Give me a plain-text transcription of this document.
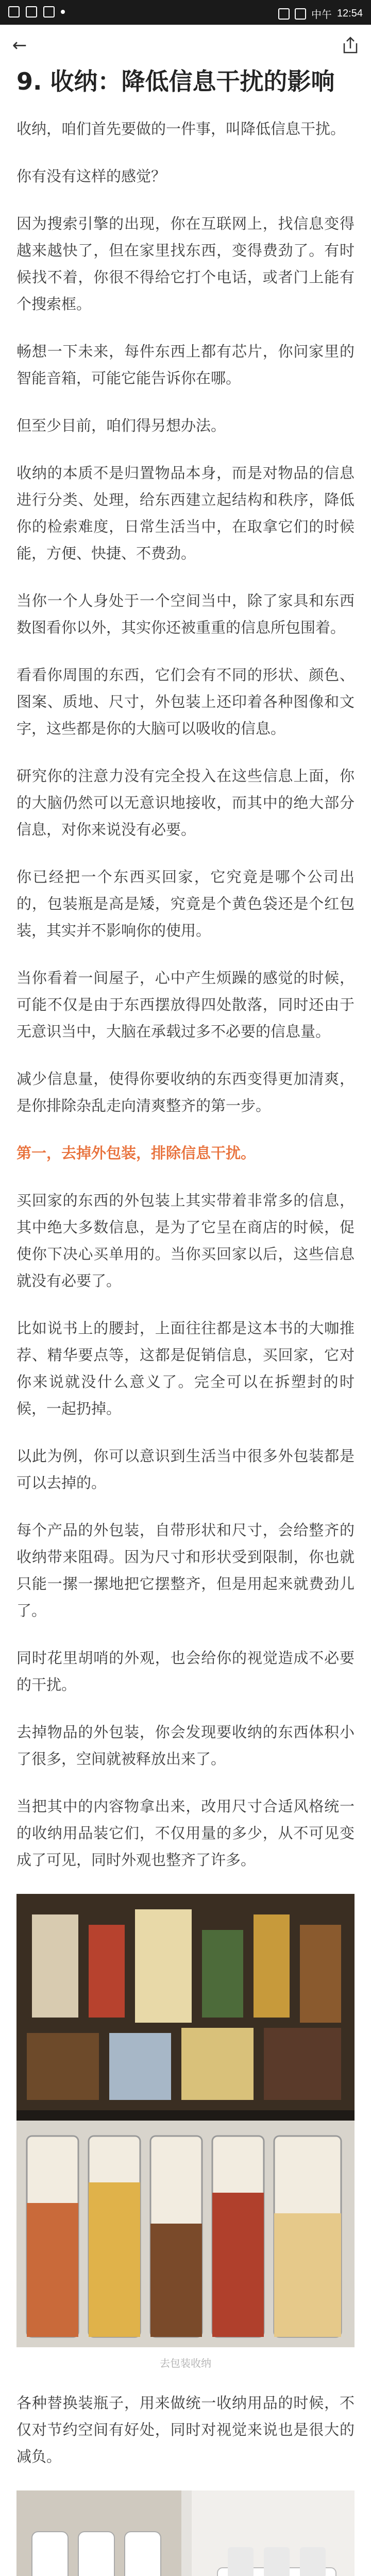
中午 12:54
←
9. 收纳：降低信息干扰的影响

收纳，咱们首先要做的一件事，叫降低信息干扰。

你有没有这样的感觉？

因为搜索引擎的出现，你在互联网上，找信息变得越来越快了，但在家里找东西，变得费劲了。有时候找不着，你很不得给它打个电话，或者门上能有个搜索框。

畅想一下未来，每件东西上都有芯片，你问家里的智能音箱，可能它能告诉你在哪。

但至少目前，咱们得另想办法。

收纳的本质不是归置物品本身，而是对物品的信息进行分类、处理，给东西建立起结构和秩序，降低你的检索难度，日常生活当中，在取拿它们的时候能，方便、快捷、不费劲。

当你一个人身处于一个空间当中，除了家具和东西数图看你以外，其实你还被重重的信息所包围着。

看看你周围的东西，它们会有不同的形状、颜色、图案、质地、尺寸，外包装上还印着各种图像和文字，这些都是你的大脑可以吸收的信息。

研究你的注意力没有完全投入在这些信息上面，你的大脑仍然可以无意识地接收，而其中的绝大部分信息，对你来说没有必要。

你已经把一个东西买回家，它究竟是哪个公司出的，包装瓶是高是矮，究竟是个黄色袋还是个红包装，其实并不影响你的使用。

当你看着一间屋子，心中产生烦躁的感觉的时候，可能不仅是由于东西摆放得四处散落，同时还由于无意识当中，大脑在承载过多不必要的信息量。

减少信息量，使得你要收纳的东西变得更加清爽，是你排除杂乱走向清爽整齐的第一步。

第一，去掉外包装，排除信息干扰。

买回家的东西的外包装上其实带着非常多的信息，其中绝大多数信息，是为了它呈在商店的时候，促使你下决心买单用的。当你买回家以后，这些信息就没有必要了。

比如说书上的腰封，上面往往都是这本书的大咖推荐、精华要点等，这都是促销信息，买回家，它对你来说就没什么意义了。完全可以在拆塑封的时候，一起扔掉。

以此为例，你可以意识到生活当中很多外包装都是可以去掉的。

每个产品的外包装，自带形状和尺寸，会给整齐的收纳带来阻碍。因为尺寸和形状受到限制，你也就只能一摞一摞地把它摆整齐，但是用起来就费劲儿了。

同时花里胡哨的外观，也会给你的视觉造成不必要的干扰。

去掉物品的外包装，你会发现要收纳的东西体积小了很多，空间就被释放出来了。

当把其中的内容物拿出来，改用尺寸合适风格统一的收纳用品装它们，不仅用量的多少，从不可见变成了可见，同时外观也整齐了许多。

去包装收纳

各种替换装瓶子，用来做统一收纳用品的时候，不仅对节约空间有好处，同时对视觉来说也是很大的减负。
